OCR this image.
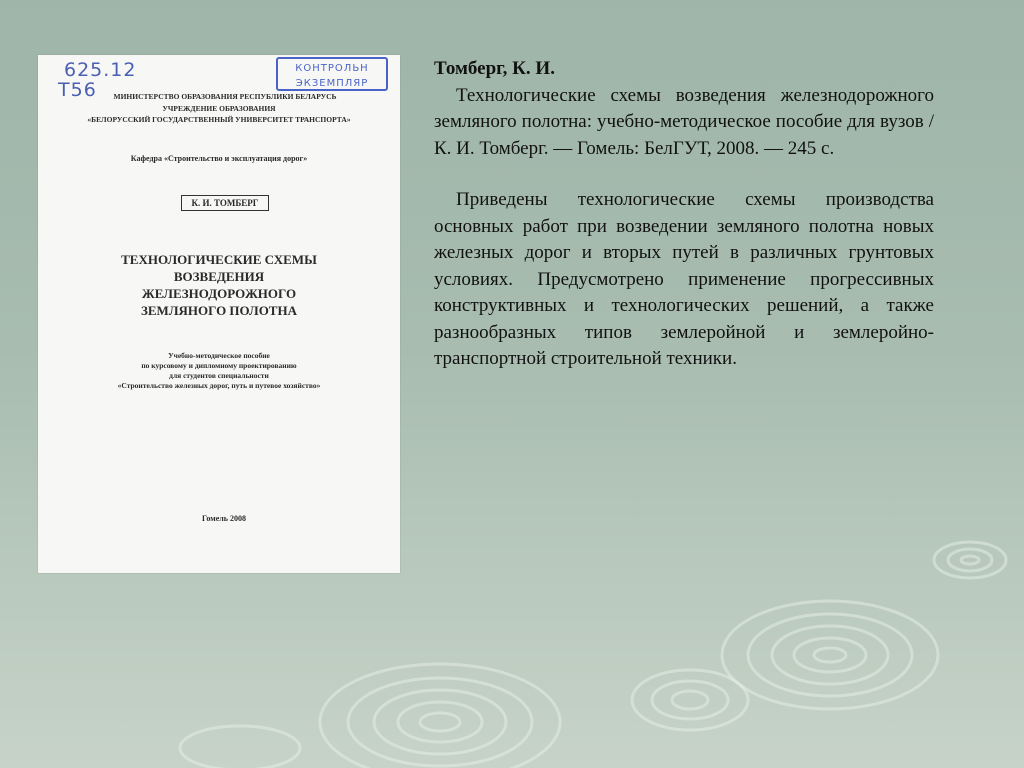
625.12
T56
КОНТРОЛЬН
ЭКЗЕМПЛЯР
МИНИСТЕРСТВО ОБРАЗОВАНИЯ РЕСПУБЛИКИ БЕЛАРУСЬ
УЧРЕЖДЕНИЕ ОБРАЗОВАНИЯ
«БЕЛОРУССКИЙ ГОСУДАРСТВЕННЫЙ УНИВЕРСИТЕТ ТРАНСПОРТА»
Кафедра «Строительство и эксплуатация дорог»
К. И. ТОМБЕРГ
ТЕХНОЛОГИЧЕСКИЕ СХЕМЫ
ВОЗВЕДЕНИЯ
ЖЕЛЕЗНОДОРОЖНОГО
ЗЕМЛЯНОГО ПОЛОТНА
Учебно-методическое пособие
по курсовому и дипломному проектированию
для студентов специальности
«Строительство железных дорог, путь и путевое хозяйство»
Гомель 2008

Томберг, К. И.

Технологические схемы возведения железнодорожного земляного полотна: учебно-методическое пособие для вузов / К. И. Томберг. — Гомель: БелГУТ, 2008. — 245 с.

Приведены технологические схемы производства основных работ при возведении земляного полотна новых железных дорог и вторых путей в различных грунтовых условиях. Предусмотрено применение прогрессивных конструктивных и технологических решений, а также разнообразных типов землеройной и землеройно-транспортной строительной техники.
